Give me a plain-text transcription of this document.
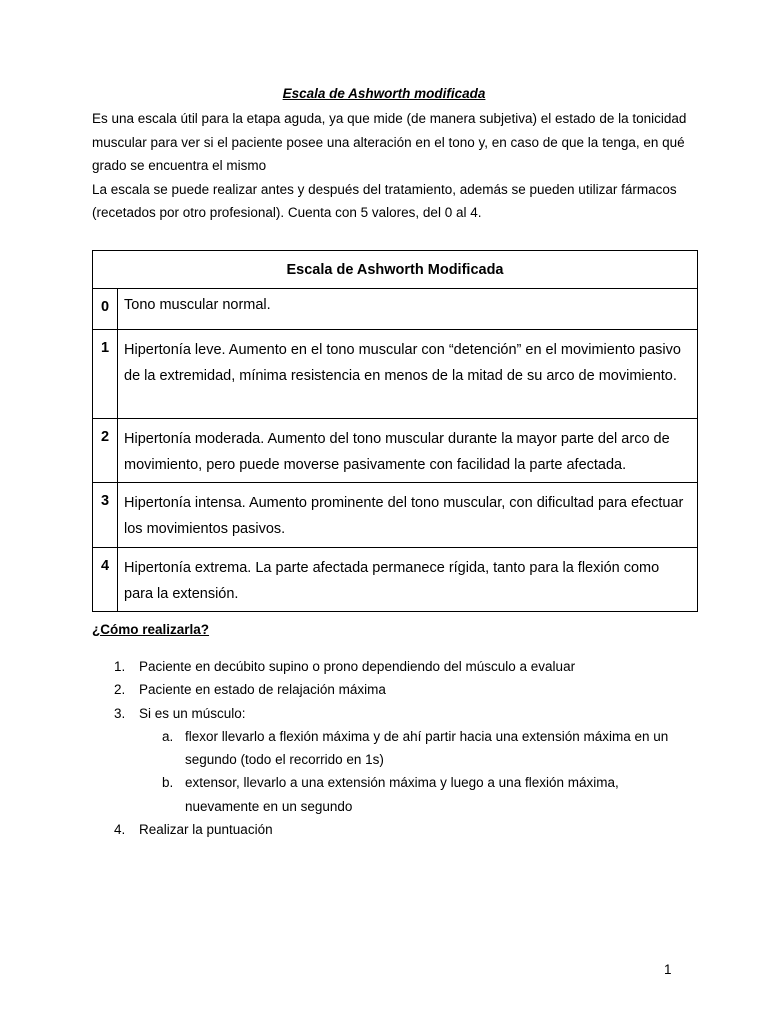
Escala de Ashworth modificada

Es una escala útil para la etapa aguda, ya que mide (de manera subjetiva) el estado de la tonicidad muscular para ver si el paciente posee una alteración en el tono y, en caso de que la tenga, en qué grado se encuentra el mismo

La escala se puede realizar antes y después del tratamiento, además se pueden utilizar fármacos (recetados por otro profesional). Cuenta con 5 valores, del 0 al 4.

Escala de Ashworth Modificada	
0	Tono muscular normal.
1	Hipertonía leve. Aumento en el tono muscular con “detención” en el movimiento pasivo de la extremidad, mínima resistencia en menos de la mitad de su arco de movimiento.
2	Hipertonía moderada. Aumento del tono muscular durante la mayor parte del arco de movimiento, pero puede moverse pasivamente con facilidad la parte afectada.
3	Hipertonía intensa. Aumento prominente del tono muscular, con dificultad para efectuar los movimientos pasivos.
4	Hipertonía extrema. La parte afectada permanece rígida, tanto para la flexión como para la extensión.
¿Cómo realizarla?
1.	Paciente en decúbito supino o prono dependiendo del músculo a evaluar
2.	Paciente en estado de relajación máxima
3.	Si es un músculo:
a. flexor llevarlo a flexión máxima y de ahí partir hacia una extensión máxima en un segundo (todo el recorrido en 1s)
b. extensor, llevarlo a una extensión máxima y luego a una flexión máxima, nuevamente en un segundo
4.	Realizar la puntuación
1
